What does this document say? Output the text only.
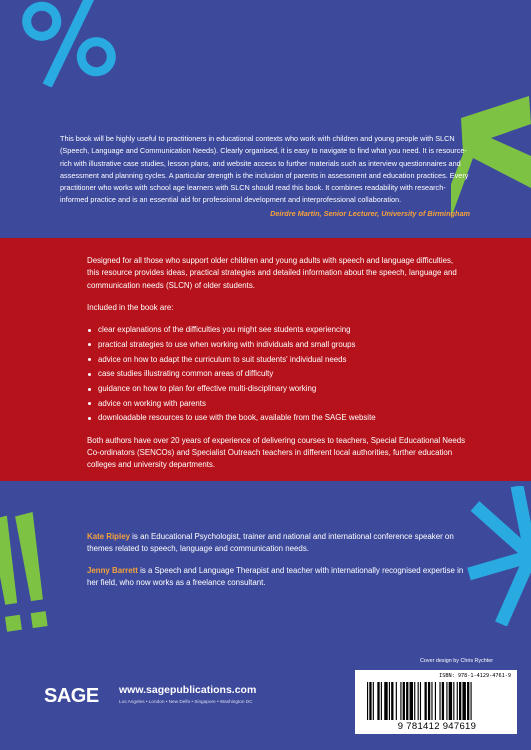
This book will be highly useful to practitioners in educational contexts who work with children and young people with SLCN (Speech, Language and Communication Needs). Clearly organised, it is easy to navigate to find what you need. It is resource-rich with illustrative case studies, lesson plans, and website access to further materials such as interview questionnaires and assessment and planning cycles. A particular strength is the inclusion of parents in assessment and education practices. Every practitioner who works with school age learners with SLCN should read this book. It combines readability with research-informed practice and is an essential aid for professional development and interprofessional collaboration.

Deirdre Martin, Senior Lecturer, University of Birmingham

Designed for all those who support older children and young adults with speech and language difficulties, this resource provides ideas, practical strategies and detailed information about the speech, language and communication needs (SLCN) of older students.

Included in the book are:

clear explanations of the difficulties you might see students experiencing
practical strategies to use when working with individuals and small groups
advice on how to adapt the curriculum to suit students' individual needs
case studies illustrating common areas of difficulty
guidance on how to plan for effective multi-disciplinary working
advice on working with parents
downloadable resources to use with the book, available from the SAGE website

Both authors have over 20 years of experience of delivering courses to teachers, Special Educational Needs Co-ordinators (SENCOs) and Specialist Outreach teachers in different local authorities, further education colleges and university departments.

Kate Ripley is an Educational Psychologist, trainer and national and international conference speaker on themes related to speech, language and communication needs.

Jenny Barrett is a Speech and Language Therapist and teacher with internationally recognised expertise in her field, who now works as a freelance consultant.

Cover design by Chris Rychter
SAGE www.sagepublications.com
Los Angeles • London • New Delhi • Singapore • Washington DC
ISBN: 978-1-4129-4761-9
9 781412 947619
